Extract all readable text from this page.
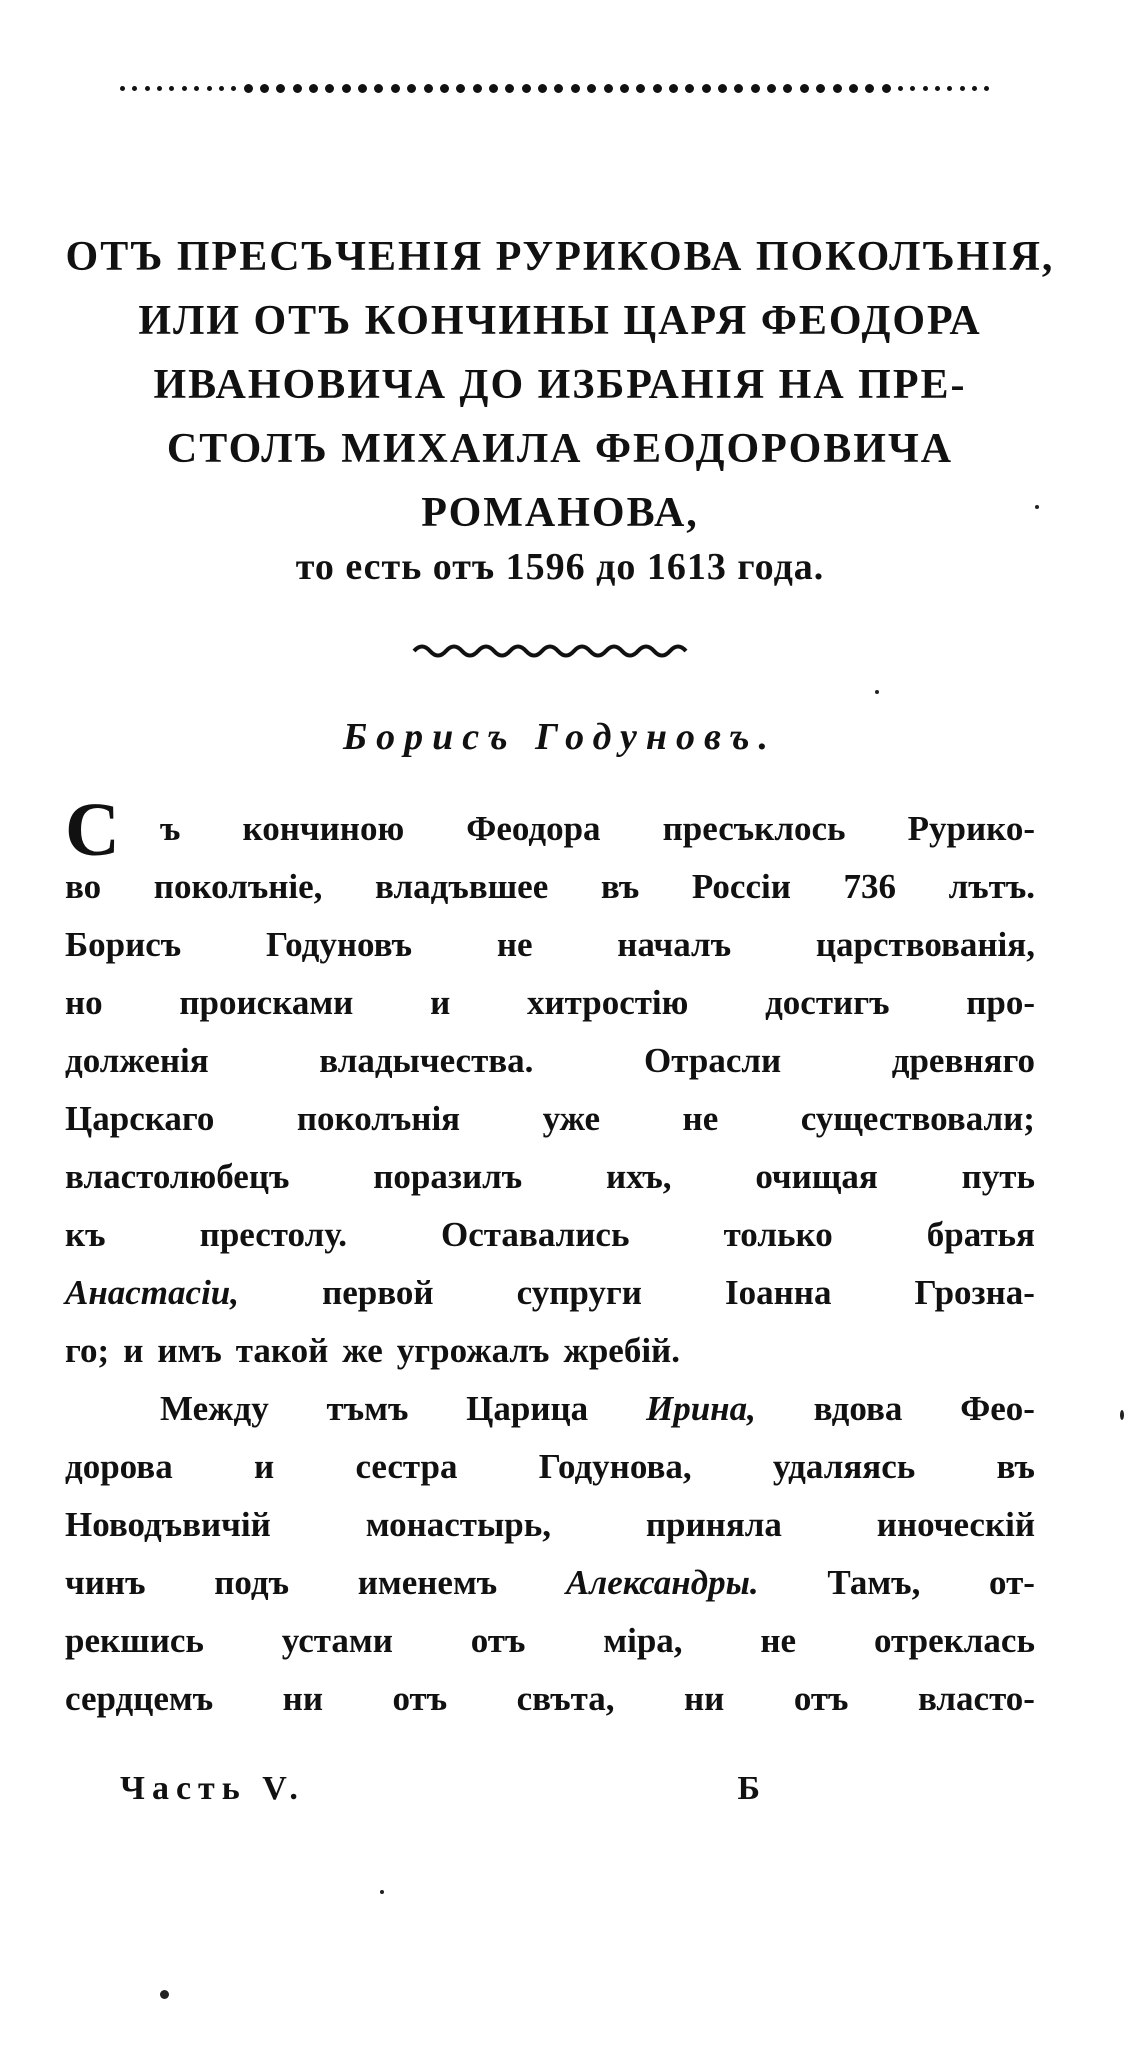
ОТЪ ПРЕСЪЧЕНІЯ РУРИКОВА ПОКОЛЪНІЯ,
ИЛИ ОТЪ КОНЧИНЫ ЦАРЯ ФЕОДОРА
ИВАНОВИЧА ДО ИЗБРАНІЯ НА ПРЕ-
СТОЛЪ МИХАИЛА ФЕОДОРОВИЧА
РОМАНОВА,
то есть отъ 1596 до 1613 года.
Борисъ Годуновъ.
С ъ кончиною Феодора пресъклось Рурико-
во поколъніе, владъвшее въ Россіи 736 лътъ.
Борисъ Годуновъ не началъ царствованія,
но происками и хитростію достигъ про-
долженія	владычества.	Отрасли	древняго
Царскаго поколънія уже не существовали;
властолюбецъ поразилъ ихъ, очищая путь
къ	престолу.	Оставались	только	братья
Анастасіи, первой супруги Іоанна Грозна-
го; и имъ такой же угрожалъ жребій.
Между тъмъ Царица Ирина, вдова Фео-
дорова и сестра Годунова, удаляясь въ
Новодъвичій	монастырь,	приняла	иноческій
чинъ подъ именемъ Александры. Тамъ, от-
рекшись устами отъ міра, не отреклась
сердцемъ ни отъ свъта, ни отъ власто-
Часть V.	Б
